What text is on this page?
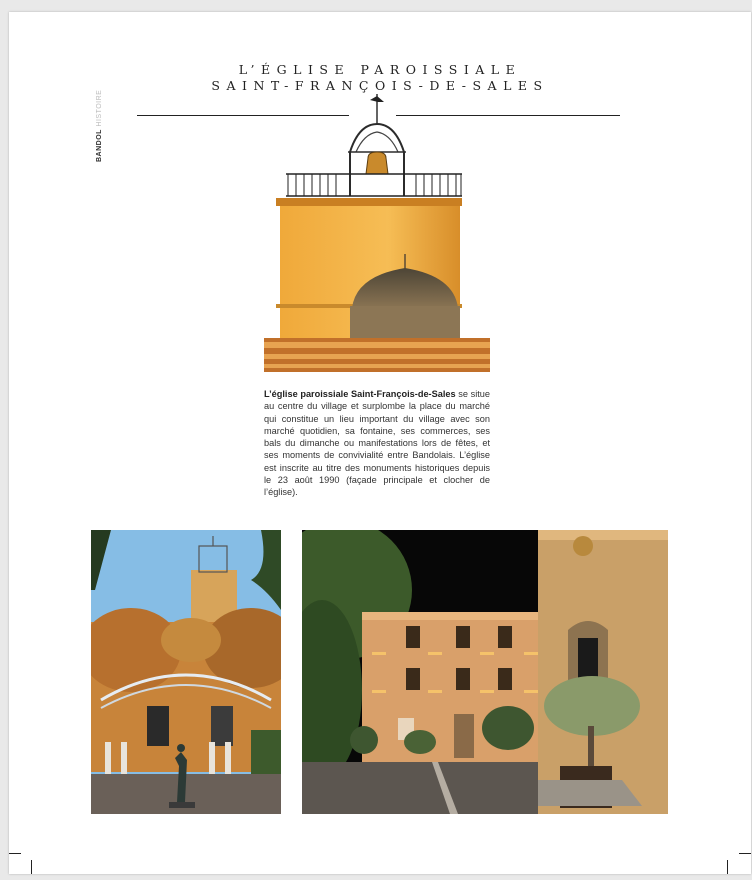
BANDOL HISTOIRE
L’ÉGLISE PAROISSIALE
SAINT-FRANÇOIS-DE-SALES
L’église paroissiale Saint-François-de-Sales se situe au centre du village et surplombe la place du marché qui constitue un lieu important du village avec son marché quotidien, sa fontaine, ses commerces, ses bals du dimanche ou manifestations lors de fêtes, et ses moments de convivialité entre Bandolais. L’église est inscrite au titre des monuments historiques depuis le 23 août 1990 (façade principale et clocher de l’église).
